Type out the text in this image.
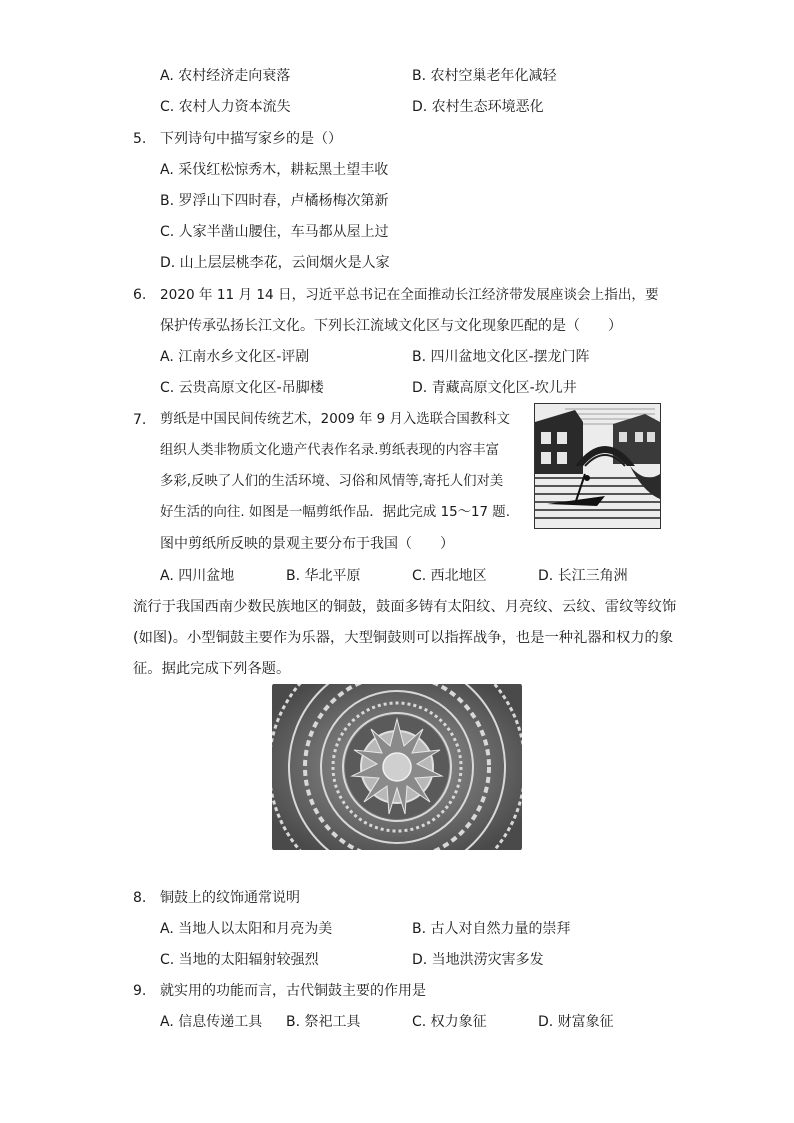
A. 农村经济走向衰落	B. 农村空巢老年化减轻
C. 农村人力资本流失	D. 农村生态环境恶化
5. 下列诗句中描写家乡的是（）
A. 采伐红松惊秀木，耕耘黑土望丰收
B. 罗浮山下四时春，卢橘杨梅次第新
C. 人家半凿山腰住，车马都从屋上过
D. 山上层层桃李花，云间烟火是人家
6. 2020 年 11 月 14 日，习近平总书记在全面推动长江经济带发展座谈会上指出，要
保护传承弘扬长江文化。下列长江流域文化区与文化现象匹配的是（　　）
A. 江南水乡文化区-评剧	B. 四川盆地文化区-摆龙门阵
C. 云贵高原文化区-吊脚楼	D. 青藏高原文化区-坎儿井
7. 剪纸是中国民间传统艺术，2009 年 9 月入选联合国教科文
组织人类非物质文化遗产代表作名录.剪纸表现的内容丰富
多彩,反映了人们的生活环境、习俗和风情等,寄托人们对美
好生活的向往. 如图是一幅剪纸作品．据此完成 15～17 题.
图中剪纸所反映的景观主要分布于我国（　　）
A. 四川盆地	B. 华北平原	C. 西北地区	D. 长江三角洲
流行于我国西南少数民族地区的铜鼓，鼓面多铸有太阳纹、月亮纹、云纹、雷纹等纹饰
(如图)。小型铜鼓主要作为乐器，大型铜鼓则可以指挥战争，也是一种礼器和权力的象
征。据此完成下列各题。
8. 铜鼓上的纹饰通常说明
A. 当地人以太阳和月亮为美	B. 古人对自然力量的崇拜
C. 当地的太阳辐射较强烈	D. 当地洪涝灾害多发
9. 就实用的功能而言，古代铜鼓主要的作用是
A. 信息传递工具 B. 祭祀工具	C. 权力象征	D. 财富象征
